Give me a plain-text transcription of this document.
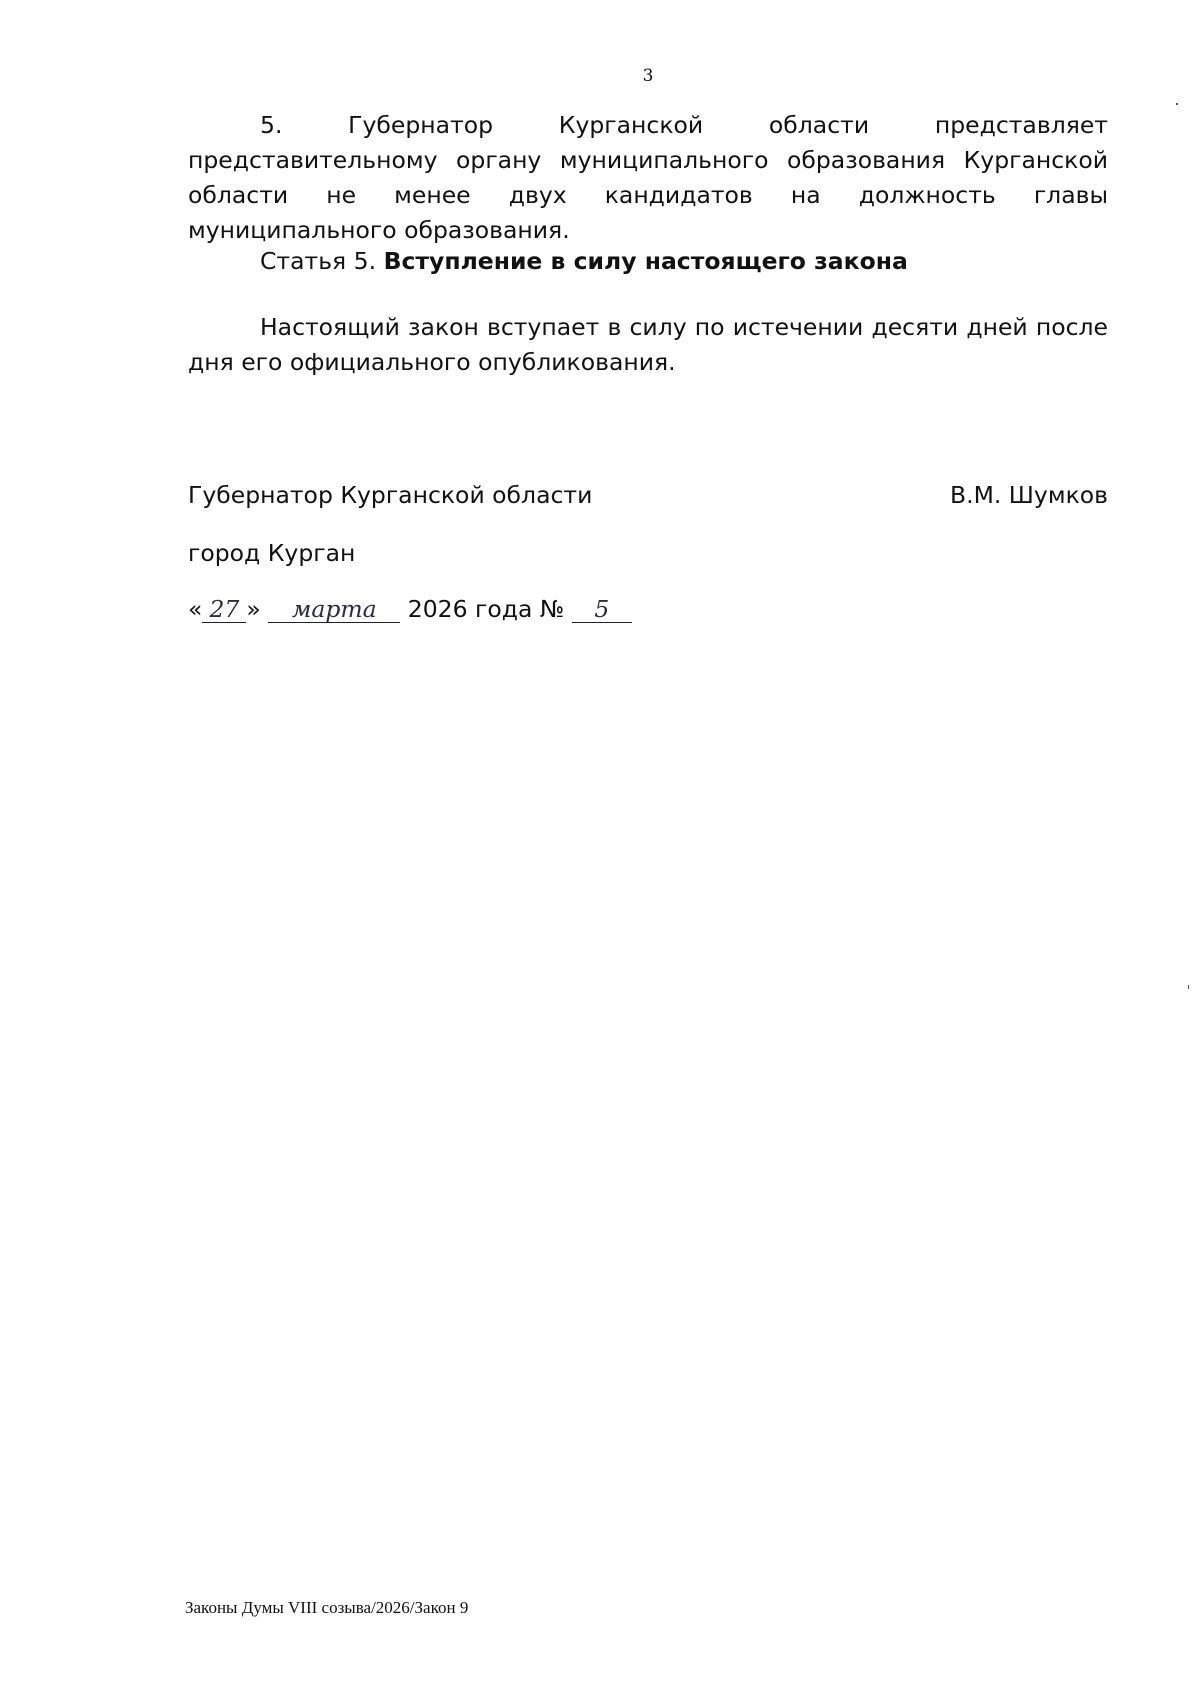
3
5. Губернатор Курганской области представляет представительному органу муниципального образования Курганской области не менее двух кандидатов на должность главы муниципального образования.
Статья 5. Вступление в силу настоящего закона
Настоящий закон вступает в силу по истечении десяти дней после дня его официального опубликования.
Губернатор Курганской области	В.М. Шумков
город Курган
« 27 » марта 2026 года № 5
Законы Думы VIII созыва/2026/Закон 9
